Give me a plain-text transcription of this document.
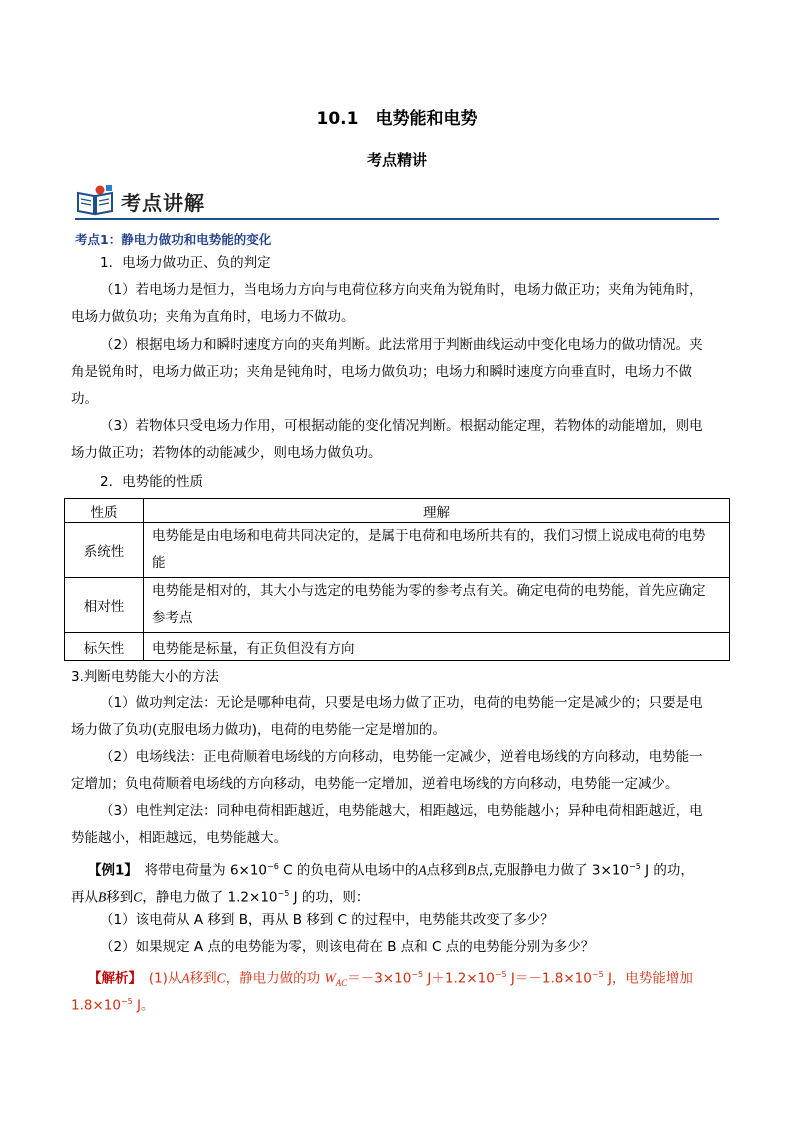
10.1　电势能和电势
考点精讲
考点讲解
考点1：静电力做功和电势能的变化
1．电场力做功正、负的判定
（1）若电场力是恒力，当电场力方向与电荷位移方向夹角为锐角时，电场力做正功；夹角为钝角时，
电场力做负功；夹角为直角时，电场力不做功。
（2）根据电场力和瞬时速度方向的夹角判断。此法常用于判断曲线运动中变化电场力的做功情况。夹
角是锐角时，电场力做正功；夹角是钝角时，电场力做负功；电场力和瞬时速度方向垂直时，电场力不做
功。
（3）若物体只受电场力作用，可根据动能的变化情况判断。根据动能定理，若物体的动能增加，则电
场力做正功；若物体的动能减少，则电场力做负功。
2．电势能的性质
性质	理解
系统性	电势能是由电场和电荷共同决定的，是属于电荷和电场所共有的，我们习惯上说成电荷的电势
能

相对性	电势能是相对的，其大小与选定的电势能为零的参考点有关。确定电荷的电势能，首先应确定
参考点

标矢性	电势能是标量，有正负但没有方向
3.判断电势能大小的方法
（1）做功判定法：无论是哪种电荷，只要是电场力做了正功，电荷的电势能一定是减少的；只要是电
场力做了负功(克服电场力做功)，电荷的电势能一定是增加的。
（2）电场线法：正电荷顺着电场线的方向移动，电势能一定减少，逆着电场线的方向移动，电势能一
定增加；负电荷顺着电场线的方向移动，电势能一定增加，逆着电场线的方向移动，电势能一定减少。
（3）电性判定法：同种电荷相距越近，电势能越大，相距越远，电势能越小；异种电荷相距越近，电
势能越小，相距越远，电势能越大。
【例1】　 将带电荷量为 $6\times 10^{-6}$ C 的负电荷从电场中的A点移到B点,克服静电力做了 $3\times 10^{-5}$ J 的功，
再从B移到C，静电力做了 $1.2\times 10^{-5}$ J 的功，则：
（1）该电荷从 A 移到 B，再从 B 移到 C 的过程中，电势能共改变了多少？
（2）如果规定 A 点的电势能为零，则该电荷在 B 点和 C 点的电势能分别为多少？
【解析】　 (1)从A移到C，静电力做的功 $W_{AC}=-3\times 10^{-5}$ $J+1.2\times 10^{-5}$ $J=-1.8\times 10^{-5}$ J，电势能增加
$1.8\times 10^{-5}$ J。
